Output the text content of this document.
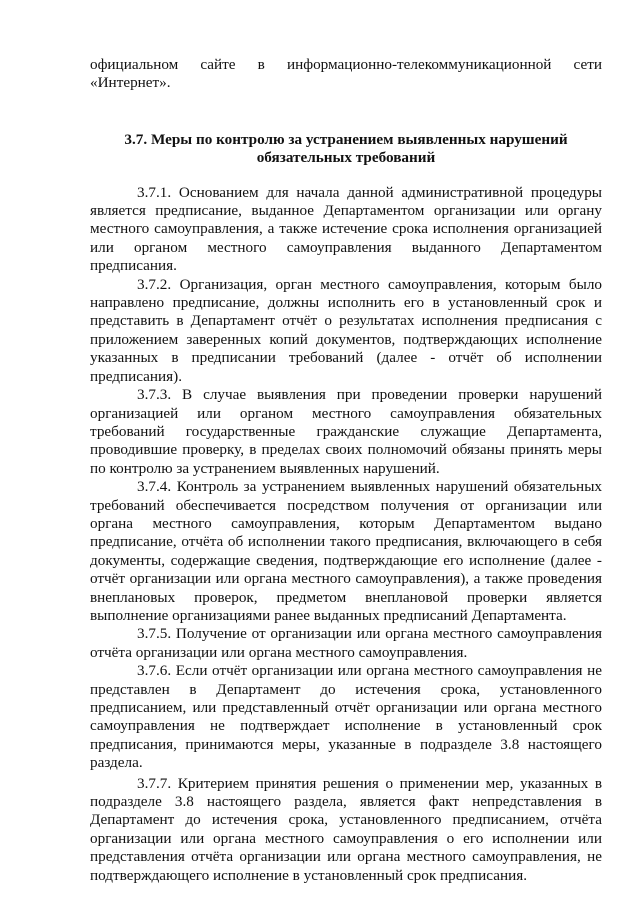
официальном сайте в информационно-телекоммуникационной сети «Интернет».

3.7. Меры по контролю за устранением выявленных нарушений
обязательных требований

3.7.1. Основанием для начала данной административной процедуры является предписание, выданное Департаментом организации или органу местного самоуправления, а также истечение срока исполнения организацией или органом местного самоуправления выданного Департаментом предписания.

3.7.2. Организация, орган местного самоуправления, которым было направлено предписание, должны исполнить его в установленный срок и представить в Департамент отчёт о результатах исполнения предписания с приложением заверенных копий документов, подтверждающих исполнение указанных в предписании требований (далее - отчёт об исполнении предписания).

3.7.3. В случае выявления при проведении проверки нарушений организацией или органом местного самоуправления обязательных требований государственные гражданские служащие Департамента, проводившие проверку, в пределах своих полномочий обязаны принять меры по контролю за устранением выявленных нарушений.

3.7.4. Контроль за устранением выявленных нарушений обязательных требований обеспечивается посредством получения от организации или органа местного самоуправления, которым Департаментом выдано предписание, отчёта об исполнении такого предписания, включающего в себя документы, содержащие сведения, подтверждающие его исполнение (далее - отчёт организации или органа местного самоуправления), а также проведения внеплановых проверок, предметом внеплановой проверки является выполнение организациями ранее выданных предписаний Департамента.

3.7.5. Получение от организации или органа местного самоуправления отчёта организации или органа местного самоуправления.

3.7.6. Если отчёт организации или органа местного самоуправления не представлен в Департамент до истечения срока, установленного предписанием, или представленный отчёт организации или органа местного самоуправления не подтверждает исполнение в установленный срок предписания, принимаются меры, указанные в подразделе 3.8 настоящего раздела.

3.7.7. Критерием принятия решения о применении мер, указанных в подразделе 3.8 настоящего раздела, является факт непредставления в Департамент до истечения срока, установленного предписанием, отчёта организации или органа местного самоуправления о его исполнении или представления отчёта организации или органа местного самоуправления, не подтверждающего исполнение в установленный срок предписания.
